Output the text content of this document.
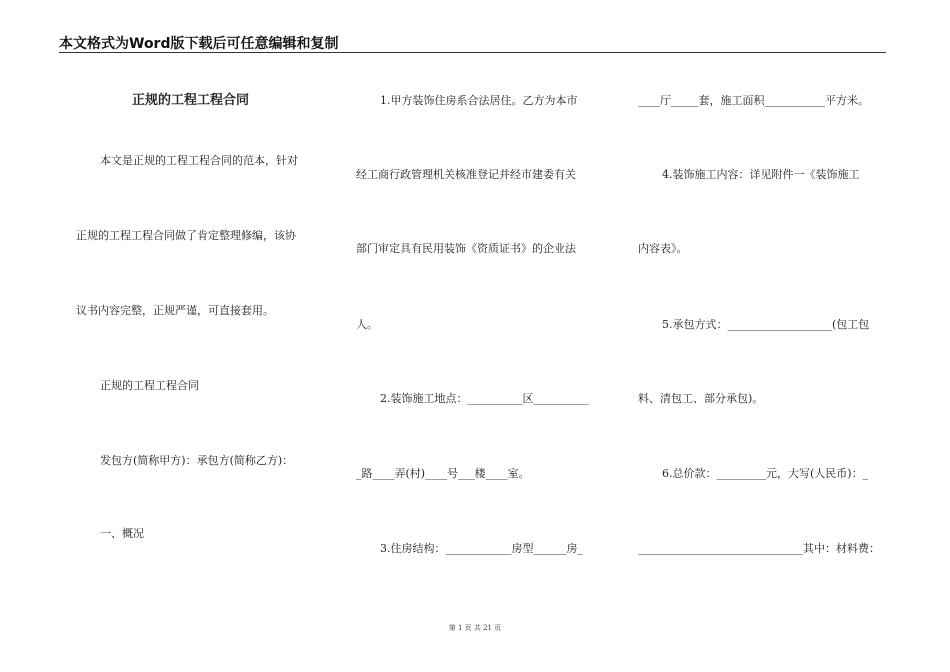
本文格式为Word版下载后可任意编辑和复制
正规的工程工程合同
本文是正规的工程工程合同的范本，针对
正规的工程工程合同做了肯定整理修编，该协
议书内容完整，正规严谨，可直接套用。
正规的工程工程合同
发包方(简称甲方)：承包方(简称乙方)：
一、概况
1.甲方装饰住房系合法居住。乙方为本市
经工商行政管理机关核准登记并经市建委有关
部门审定具有民用装饰《资质证书》的企业法
人。
2.装饰施工地点：__________区__________
_路____弄(村)____号___楼____室。
3.住房结构：____________房型______房_
____厅_____套，施工面积___________平方米。
4.装饰施工内容：详见附件一《装饰施工
内容表》。
5.承包方式：___________________(包工包
料、清包工、部分承包)。
6.总价款：_________元，大写(人民币)：_
______________________________其中：材料费：
第 1 页 共 21 页
